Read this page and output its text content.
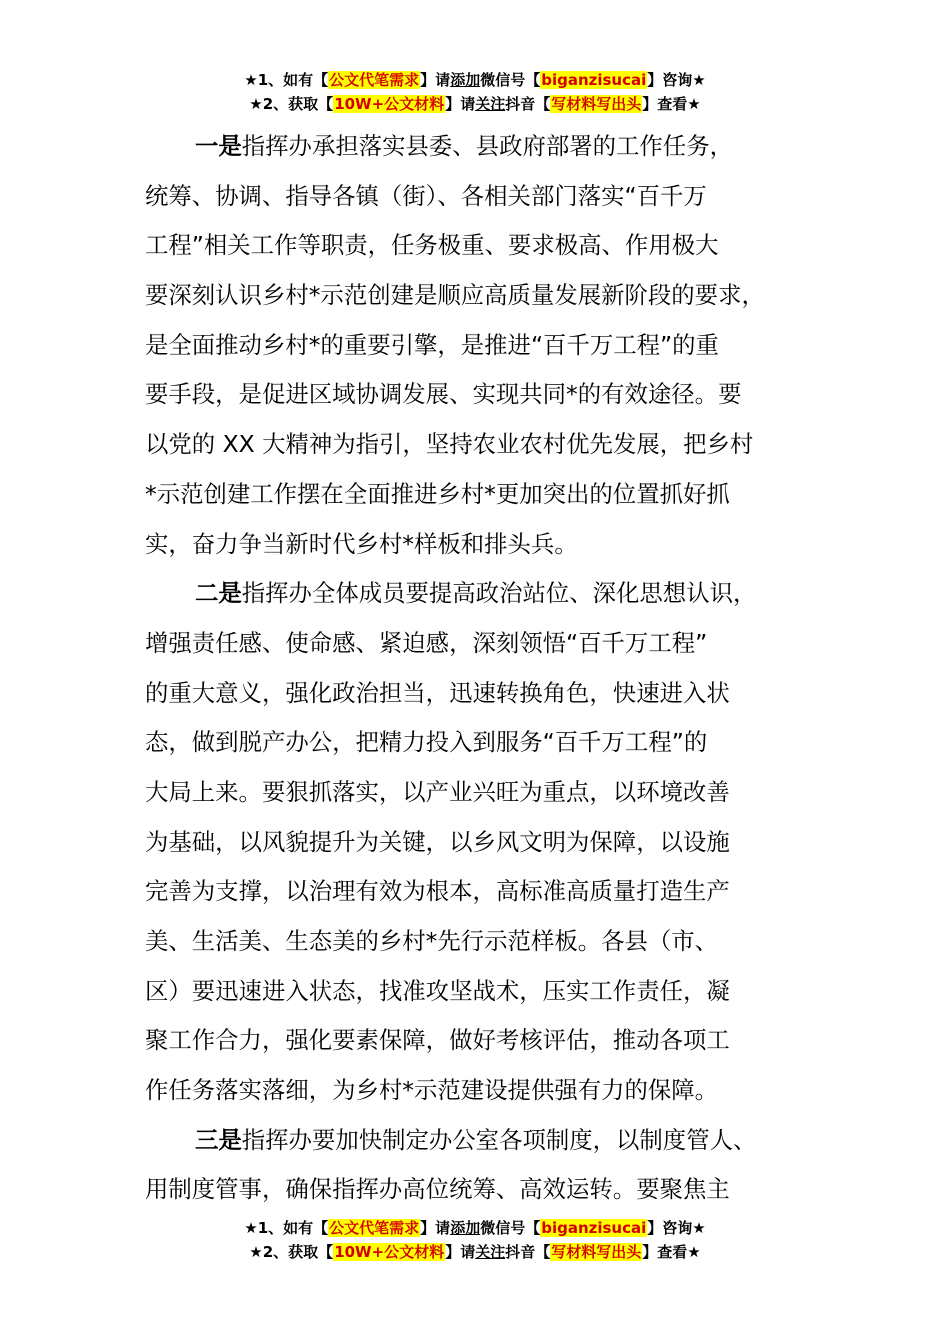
★1、如有【公文代笔需求】请添加微信号【biganzisucai】咨询★
★2、获取【10W+公文材料】请关注抖音【写材料写出头】查看★
一是指挥办承担落实县委、县政府部署的工作任务，
统筹、协调、指导各镇（街）、各相关部门落实“百千万
工程”相关工作等职责，任务极重、要求极高、作用极大
要深刻认识乡村*示范创建是顺应高质量发展新阶段的要求，
是全面推动乡村*的重要引擎，是推进“百千万工程”的重
要手段，是促进区域协调发展、实现共同*的有效途径。要
以党的 XX 大精神为指引，坚持农业农村优先发展，把乡村
*示范创建工作摆在全面推进乡村*更加突出的位置抓好抓
实，奋力争当新时代乡村*样板和排头兵。
二是指挥办全体成员要提高政治站位、深化思想认识，
增强责任感、使命感、紧迫感，深刻领悟“百千万工程”
的重大意义，强化政治担当，迅速转换角色，快速进入状
态，做到脱产办公，把精力投入到服务“百千万工程”的
大局上来。要狠抓落实，以产业兴旺为重点，以环境改善
为基础，以风貌提升为关键，以乡风文明为保障，以设施
完善为支撑，以治理有效为根本，高标准高质量打造生产
美、生活美、生态美的乡村*先行示范样板。各县（市、
区）要迅速进入状态，找准攻坚战术，压实工作责任，凝
聚工作合力，强化要素保障，做好考核评估，推动各项工
作任务落实落细，为乡村*示范建设提供强有力的保障。
三是指挥办要加快制定办公室各项制度，以制度管人、
用制度管事，确保指挥办高位统筹、高效运转。要聚焦主
★1、如有【公文代笔需求】请添加微信号【biganzisucai】咨询★
★2、获取【10W+公文材料】请关注抖音【写材料写出头】查看★
